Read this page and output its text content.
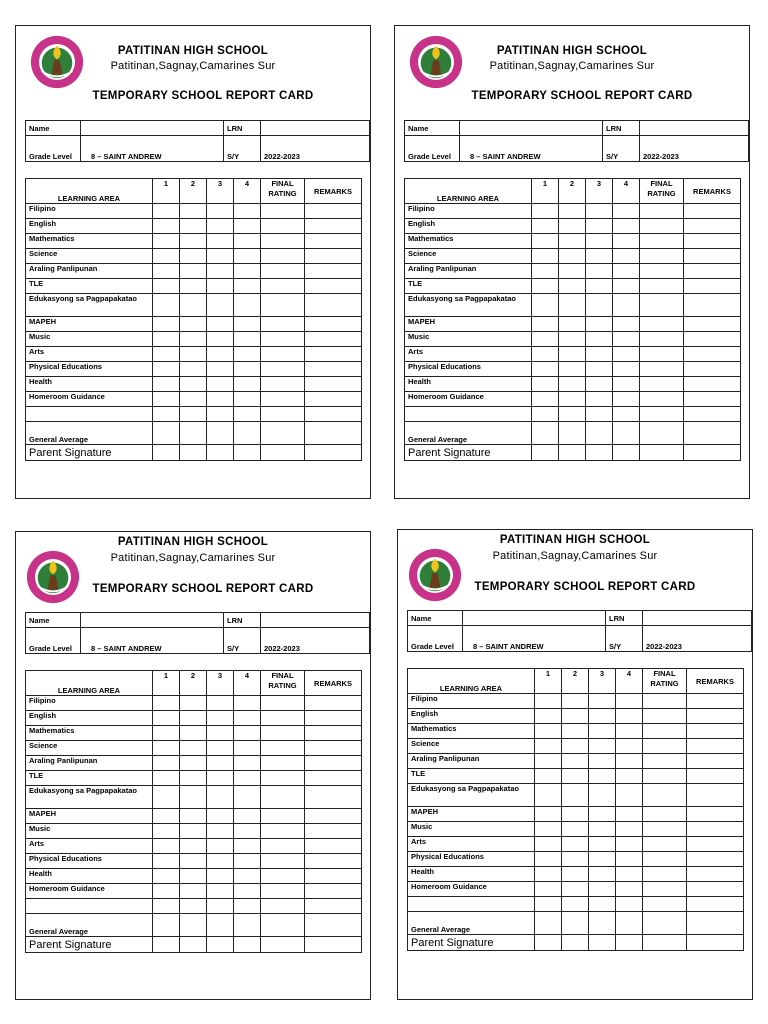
PATITINAN HIGH SCHOOL
Patitinan,Sagnay,Camarines Sur
TEMPORARY SCHOOL REPORT CARD
Name		LRN	
Grade Level	8 – SAINT ANDREW	S/Y	2022-2023
LEARNING AREA	1	2	3	4	FINAL RATING	REMARKS
Filipino						
English						
Mathematics						
Science						
Araling Panlipunan						
TLE						
Edukasyong sa Pagpapakatao						
MAPEH						
Music						
Arts						
Physical Educations						
Health						
Homeroom Guidance						

General Average						
Parent Signature						
PATITINAN HIGH SCHOOL
Patitinan,Sagnay,Camarines Sur
TEMPORARY SCHOOL REPORT CARD
Name		LRN	
Grade Level	8 – SAINT ANDREW	S/Y	2022-2023
LEARNING AREA	1	2	3	4	FINAL RATING	REMARKS
Filipino						
English						
Mathematics						
Science						
Araling Panlipunan						
TLE						
Edukasyong sa Pagpapakatao						
MAPEH						
Music						
Arts						
Physical Educations						
Health						
Homeroom Guidance						

General Average						
Parent Signature						
PATITINAN HIGH SCHOOL
Patitinan,Sagnay,Camarines Sur
TEMPORARY SCHOOL REPORT CARD
Name		LRN	
Grade Level	8 – SAINT ANDREW	S/Y	2022-2023
LEARNING AREA	1	2	3	4	FINAL RATING	REMARKS
Filipino						
English						
Mathematics						
Science						
Araling Panlipunan						
TLE						
Edukasyong sa Pagpapakatao						
MAPEH						
Music						
Arts						
Physical Educations						
Health						
Homeroom Guidance						

General Average						
Parent Signature						
PATITINAN HIGH SCHOOL
Patitinan,Sagnay,Camarines Sur
TEMPORARY SCHOOL REPORT CARD
Name		LRN	
Grade Level	8 – SAINT ANDREW	S/Y	2022-2023
LEARNING AREA	1	2	3	4	FINAL RATING	REMARKS
Filipino						
English						
Mathematics						
Science						
Araling Panlipunan						
TLE						
Edukasyong sa Pagpapakatao						
MAPEH						
Music						
Arts						
Physical Educations						
Health						
Homeroom Guidance						

General Average						
Parent Signature						
